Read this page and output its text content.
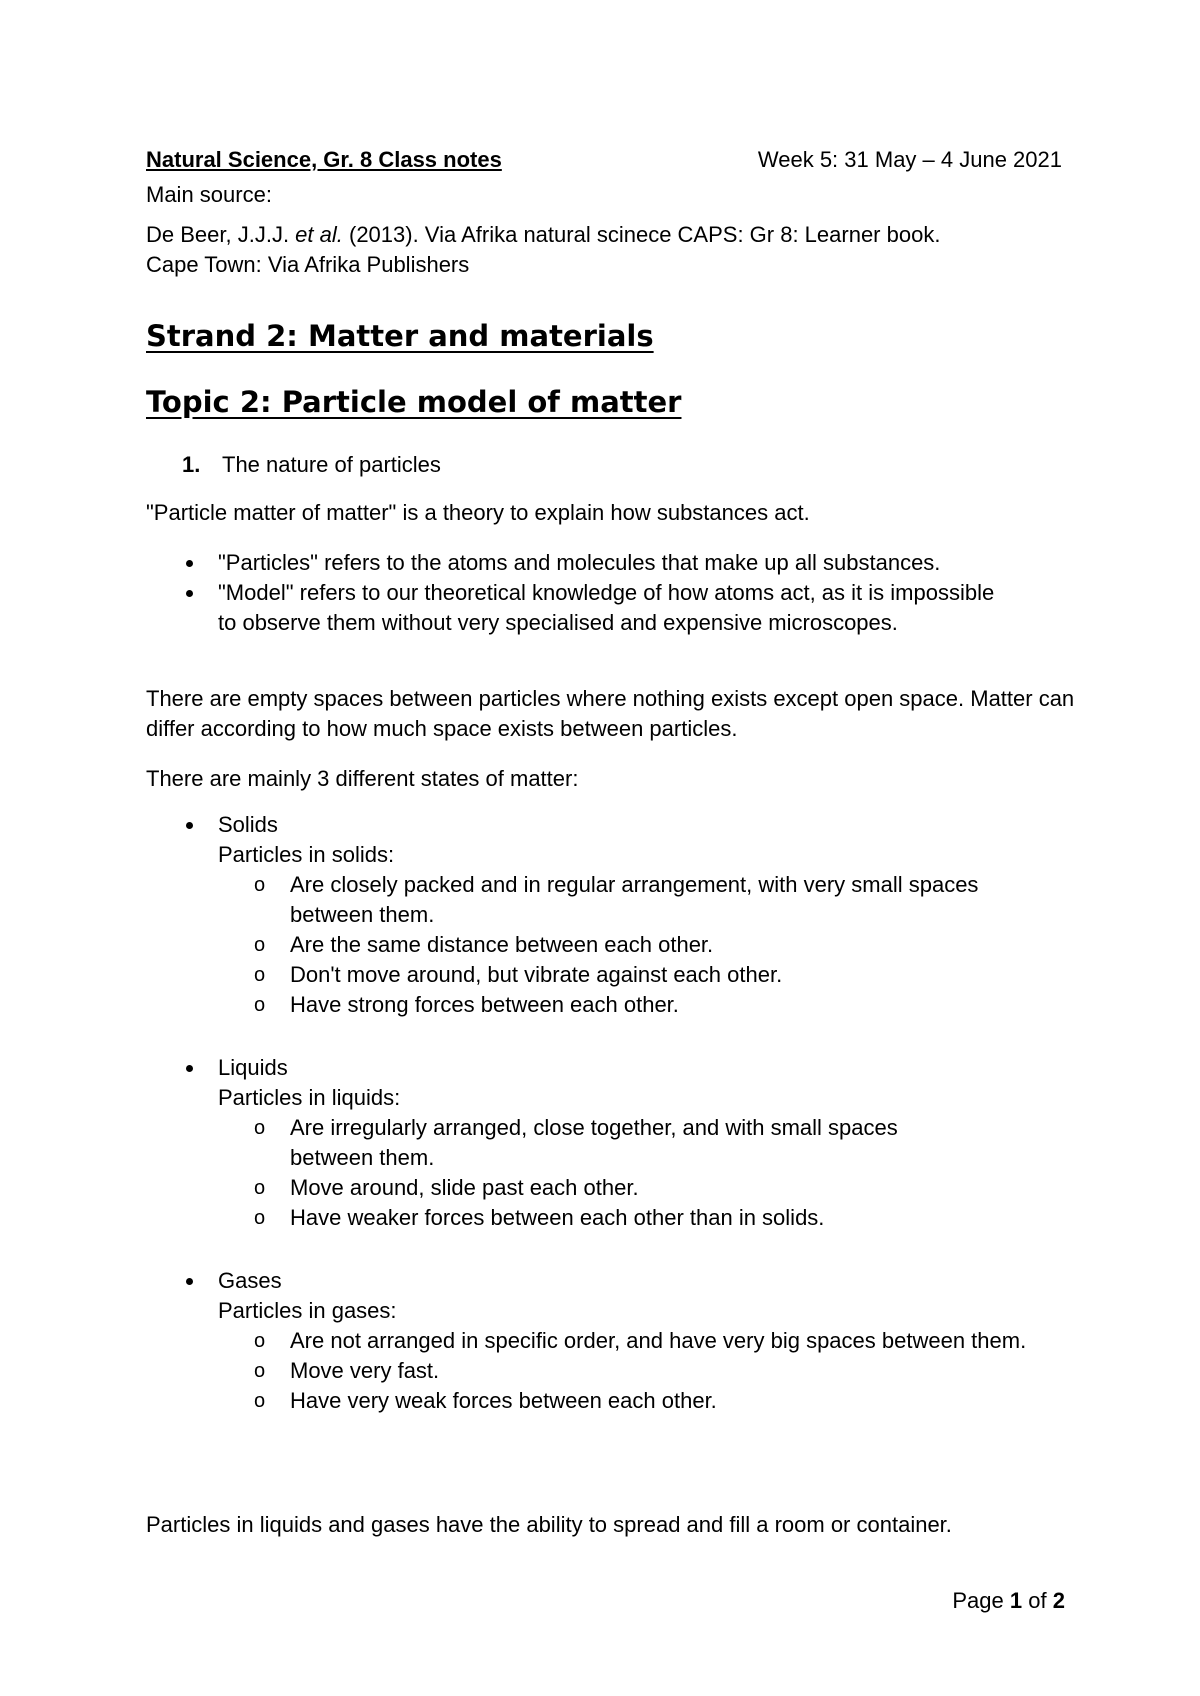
Natural Science, Gr. 8 Class notes	Week 5: 31 May – 4 June 2021

Main source:

De Beer, J.J.J. et al. (2013). Via Afrika natural scinece CAPS: Gr 8: Learner book.

Cape Town: Via Afrika Publishers

Strand 2: Matter and materials
Topic 2: Particle model of matter
1. The nature of particles

"Particle matter of matter" is a theory to explain how substances act.

"Particles" refers to the atoms and molecules that make up all substances.
"Model" refers to our theoretical knowledge of how atoms act, as it is impossible to observe them without very specialised and expensive microscopes.

There are empty spaces between particles where nothing exists except open space. Matter can differ according to how much space exists between particles.

There are mainly 3 different states of matter:

Solids

Particles in solids:

o Are closely packed and in regular arrangement, with very small spaces between them.
o Are the same distance between each other.
o Don't move around, but vibrate against each other.
o Have strong forces between each other.

Liquids

Particles in liquids:

o Are irregularly arranged, close together, and with small spaces between them.
o Move around, slide past each other.
o Have weaker forces between each other than in solids.

Gases

Particles in gases:

o Are not arranged in specific order, and have very big spaces between them.
o Move very fast.
o Have very weak forces between each other.

Particles in liquids and gases have the ability to spread and fill a room or container.

Page 1 of 2
